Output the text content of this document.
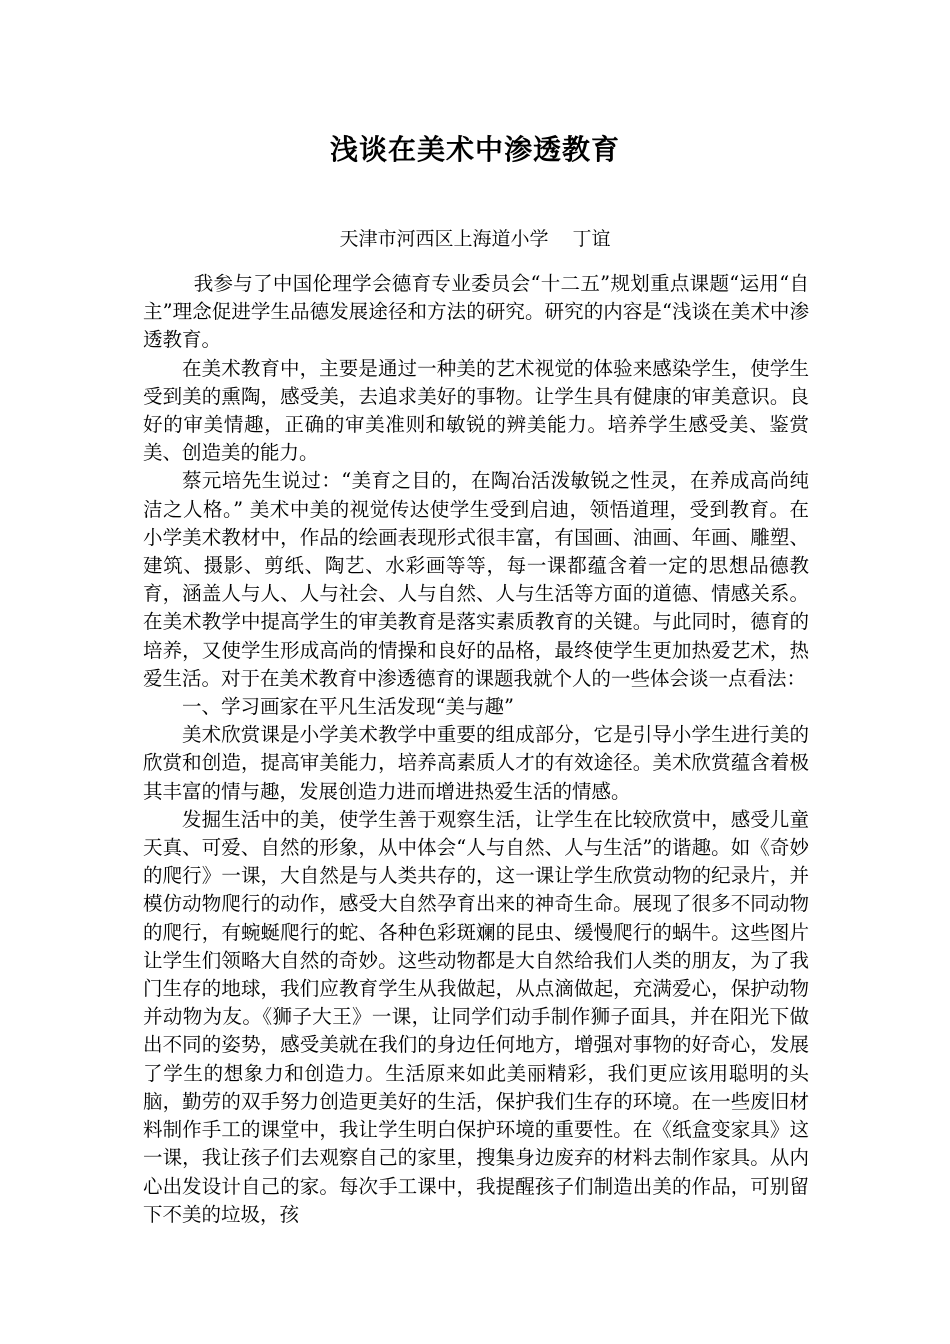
浅谈在美术中渗透教育
天津市河西区上海道小学 丁谊

我参与了中国伦理学会德育专业委员会“十二五”规划重点课题“运用“自主”理念促进学生品德发展途径和方法的研究。研究的内容是“浅谈在美术中渗透教育。

在美术教育中，主要是通过一种美的艺术视觉的体验来感染学生，使学生受到美的熏陶，感受美，去追求美好的事物。让学生具有健康的审美意识。良好的审美情趣，正确的审美准则和敏锐的辨美能力。培养学生感受美、鉴赏美、创造美的能力。

蔡元培先生说过：“美育之目的，在陶冶活泼敏锐之性灵，在养成高尚纯洁之人格。” 美术中美的视觉传达使学生受到启迪，领悟道理，受到教育。在小学美术教材中，作品的绘画表现形式很丰富，有国画、油画、年画、雕塑、建筑、摄影、剪纸、陶艺、水彩画等等，每一课都蕴含着一定的思想品德教育，涵盖人与人、人与社会、人与自然、人与生活等方面的道德、情感关系。在美术教学中提高学生的审美教育是落实素质教育的关键。与此同时，德育的培养，又使学生形成高尚的情操和良好的品格，最终使学生更加热爱艺术，热爱生活。对于在美术教育中渗透德育的课题我就个人的一些体会谈一点看法：

一、学习画家在平凡生活发现“美与趣”

美术欣赏课是小学美术教学中重要的组成部分，它是引导小学生进行美的欣赏和创造，提高审美能力，培养高素质人才的有效途径。美术欣赏蕴含着极其丰富的情与趣，发展创造力进而增进热爱生活的情感。

发掘生活中的美，使学生善于观察生活，让学生在比较欣赏中，感受儿童天真、可爱、自然的形象，从中体会“人与自然、人与生活”的谐趣。如《奇妙的爬行》一课，大自然是与人类共存的，这一课让学生欣赏动物的纪录片，并模仿动物爬行的动作，感受大自然孕育出来的神奇生命。展现了很多不同动物的爬行，有蜿蜒爬行的蛇、各种色彩斑斓的昆虫、缓慢爬行的蜗牛。这些图片让学生们领略大自然的奇妙。这些动物都是大自然给我们人类的朋友，为了我门生存的地球，我们应教育学生从我做起，从点滴做起，充满爱心，保护动物并动物为友。《狮子大王》一课，让同学们动手制作狮子面具，并在阳光下做出不同的姿势，感受美就在我们的身边任何地方，增强对事物的好奇心，发展了学生的想象力和创造力。生活原来如此美丽精彩，我们更应该用聪明的头脑，勤劳的双手努力创造更美好的生活，保护我们生存的环境。在一些废旧材料制作手工的课堂中，我让学生明白保护环境的重要性。在《纸盒变家具》这一课，我让孩子们去观察自己的家里，搜集身边废弃的材料去制作家具。从内心出发设计自己的家。每次手工课中，我提醒孩子们制造出美的作品，可别留下不美的垃圾，孩
